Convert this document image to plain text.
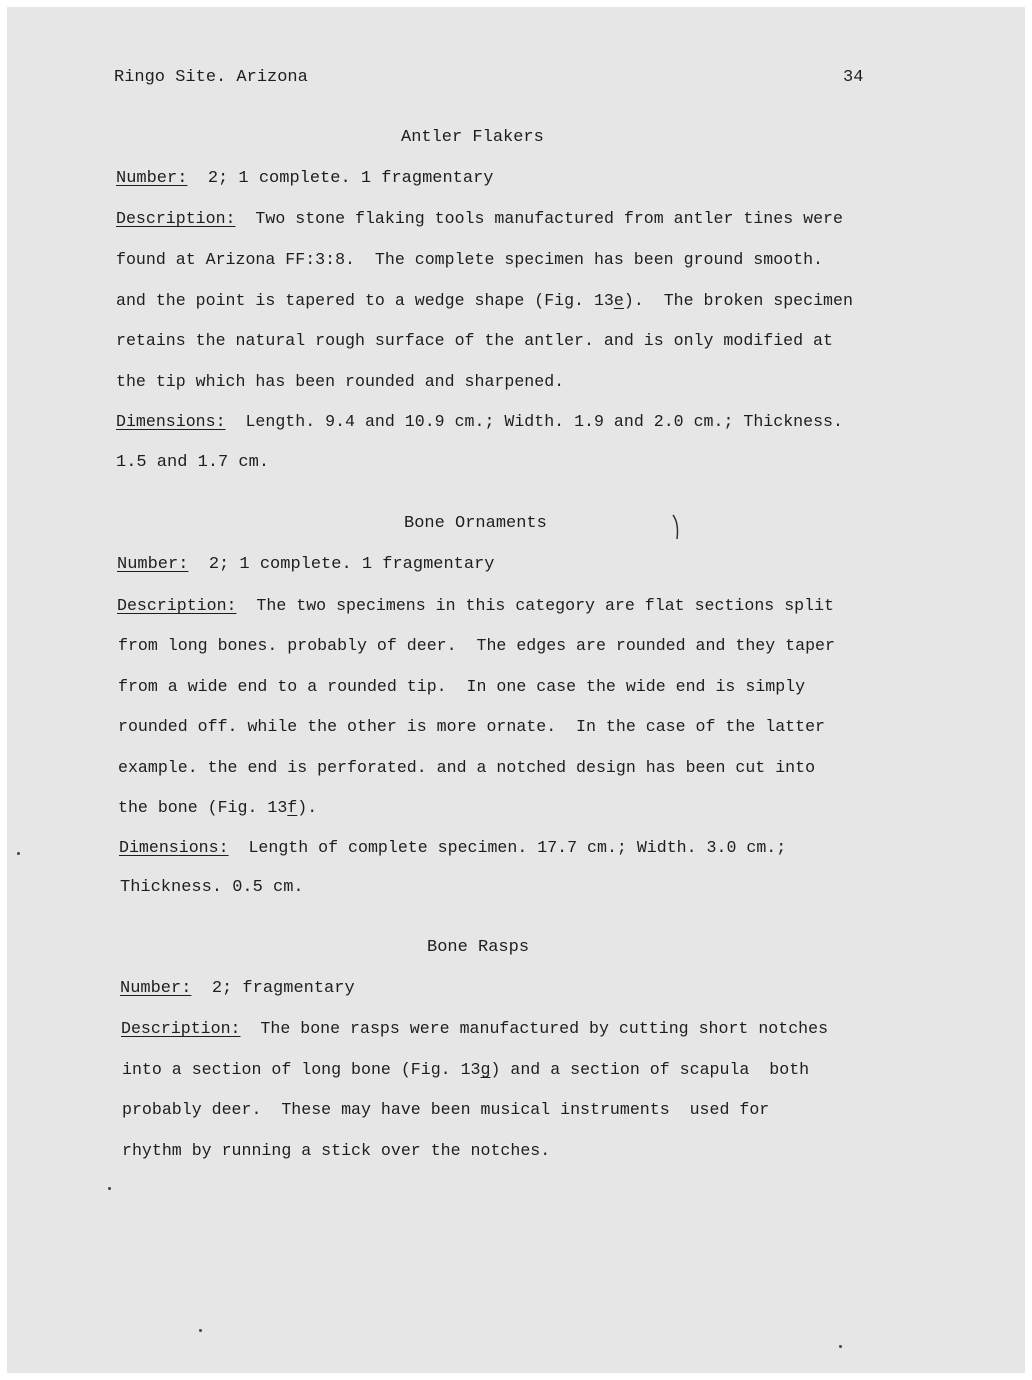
Ringo Site. Arizona	34
Antler Flakers
Number: 2; 1 complete. 1 fragmentary
Description: Two stone flaking tools manufactured from antler tines were
found at Arizona FF:3:8.  The complete specimen has been ground smooth.
and the point is tapered to a wedge shape (Fig. 13e).  The broken specimen
retains the natural rough surface of the antler. and is only modified at
the tip which has been rounded and sharpened.
Dimensions: Length. 9.4 and 10.9 cm.; Width. 1.9 and 2.0 cm.; Thickness.
1.5 and 1.7 cm.
Bone Ornaments
Number: 2; 1 complete. 1 fragmentary
Description: The two specimens in this category are flat sections split
from long bones. probably of deer.  The edges are rounded and they taper
from a wide end to a rounded tip.  In one case the wide end is simply
rounded off. while the other is more ornate.  In the case of the latter
example. the end is perforated. and a notched design has been cut into
the bone (Fig. 13f).
Dimensions: Length of complete specimen. 17.7 cm.; Width. 3.0 cm.;
Thickness. 0.5 cm.
Bone Rasps
Number: 2; fragmentary
Description: The bone rasps were manufactured by cutting short notches
into a section of long bone (Fig. 13g) and a section of scapula  both
probably deer.  These may have been musical instruments  used for
rhythm by running a stick over the notches.
